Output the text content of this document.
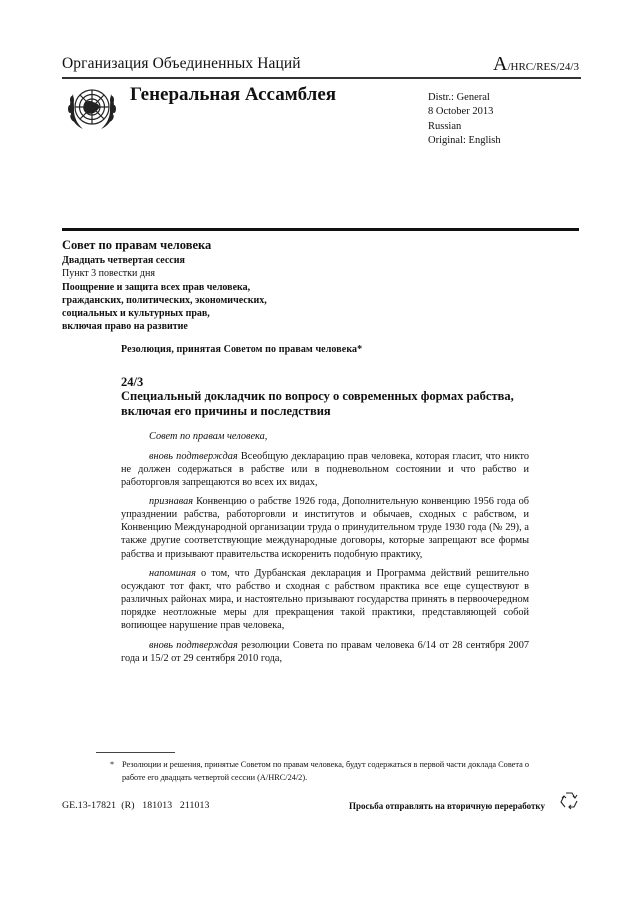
Организация Объединенных Наций	A/HRC/RES/24/3
Генеральная Ассамблея	Distr.: General
8 October 2013
Russian
Original: English
Совет по правам человека
Двадцать четвертая сессия
Пункт 3 повестки дня
Поощрение и защита всех прав человека,
гражданских, политических, экономических,
социальных и культурных прав,
включая право на развитие
Резолюция, принятая Советом по правам человека*
24/3
Специальный докладчик по вопросу о современных формах рабства, включая его причины и последствия

Совет по правам человека,

вновь подтверждая Всеобщую декларацию прав человека, которая гласит, что никто не должен содержаться в рабстве или в подневольном состоянии и что рабство и работорговля запрещаются во всех их видах,

признавая Конвенцию о рабстве 1926 года, Дополнительную конвенцию 1956 года об упразднении рабства, работорговли и институтов и обычаев, сходных с рабством, и Конвенцию Международной организации труда о принудительном труде 1930 года (№ 29), а также другие соответствующие международные договоры, которые запрещают все формы рабства и призывают правительства искоренить подобную практику,

напоминая о том, что Дурбанская декларация и Программа действий решительно осуждают тот факт, что рабство и сходная с рабством практика все еще существуют в различных районах мира, и настоятельно призывают государства принять в первоочередном порядке неотложные меры для прекращения такой практики, представляющей собой вопиющее нарушение прав человека,

вновь подтверждая резолюции Совета по правам человека 6/14 от 28 сентября 2007 года и 15/2 от 29 сентября 2010 года,

* Резолюции и решения, принятые Советом по правам человека, будут содержаться в первой части доклада Совета о работе его двадцать четвертой сессии (A/HRC/24/2).
GE.13-17821  (R)   181013   211013	Просьба отправлять на вторичную переработку
